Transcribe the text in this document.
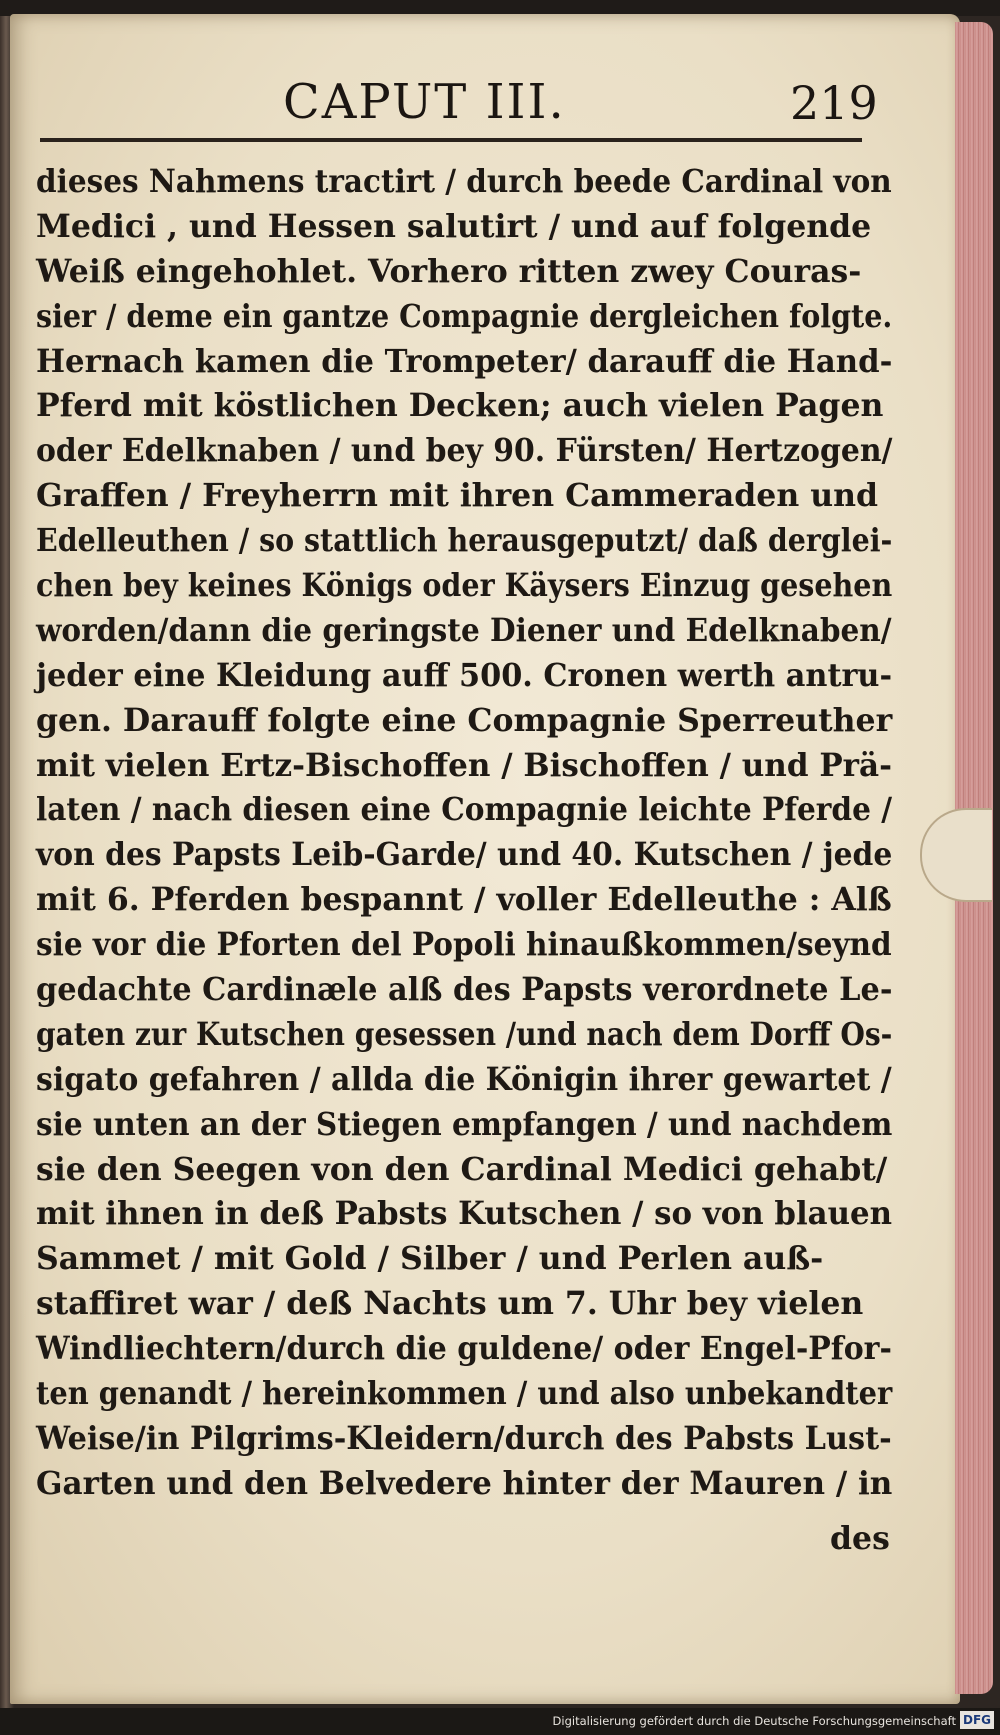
CAPUT III.	219
dieses Nahmens tractirt / durch beede Cardinal von
Medici , und Hessen salutirt / und auf folgende
Weiß eingehohlet. Vorhero ritten zwey Couras-
sier / deme ein gantze Compagnie dergleichen folgte.
Hernach kamen die Trompeter/ darauff die Hand-
Pferd mit köstlichen Decken; auch vielen Pagen
oder Edelknaben / und bey 90. Fürsten/ Hertzogen/
Graffen / Freyherrn mit ihren Cammeraden und
Edelleuthen / so stattlich herausgeputzt/ daß derglei-
chen bey keines Königs oder Käysers Einzug gesehen
worden/dann die geringste Diener und Edelknaben/
jeder eine Kleidung auff 500. Cronen werth antru-
gen. Darauff folgte eine Compagnie Sperreuther
mit vielen Ertz-Bischoffen / Bischoffen / und Prä-
laten / nach diesen eine Compagnie leichte Pferde /
von des Papsts Leib-Garde/ und 40. Kutschen / jede
mit 6. Pferden bespannt / voller Edelleuthe : Alß
sie vor die Pforten del Popoli hinaußkommen/seynd
gedachte Cardinæle alß des Papsts verordnete Le-
gaten zur Kutschen gesessen /und nach dem Dorff Os-
sigato gefahren / allda die Königin ihrer gewartet /
sie unten an der Stiegen empfangen / und nachdem
sie den Seegen von den Cardinal Medici gehabt/
mit ihnen in deß Pabsts Kutschen / so von blauen
Sammet / mit Gold / Silber / und Perlen auß-
staffiret war / deß Nachts um 7. Uhr bey vielen
Windliechtern/durch die guldene/ oder Engel-Pfor-
ten genandt / hereinkommen / und also unbekandter
Weise/in Pilgrims-Kleidern/durch des Pabsts Lust-
Garten und den Belvedere hinter der Mauren / in
des
Digitalisierung gefördert durch die Deutsche Forschungsgemeinschaft DFG
